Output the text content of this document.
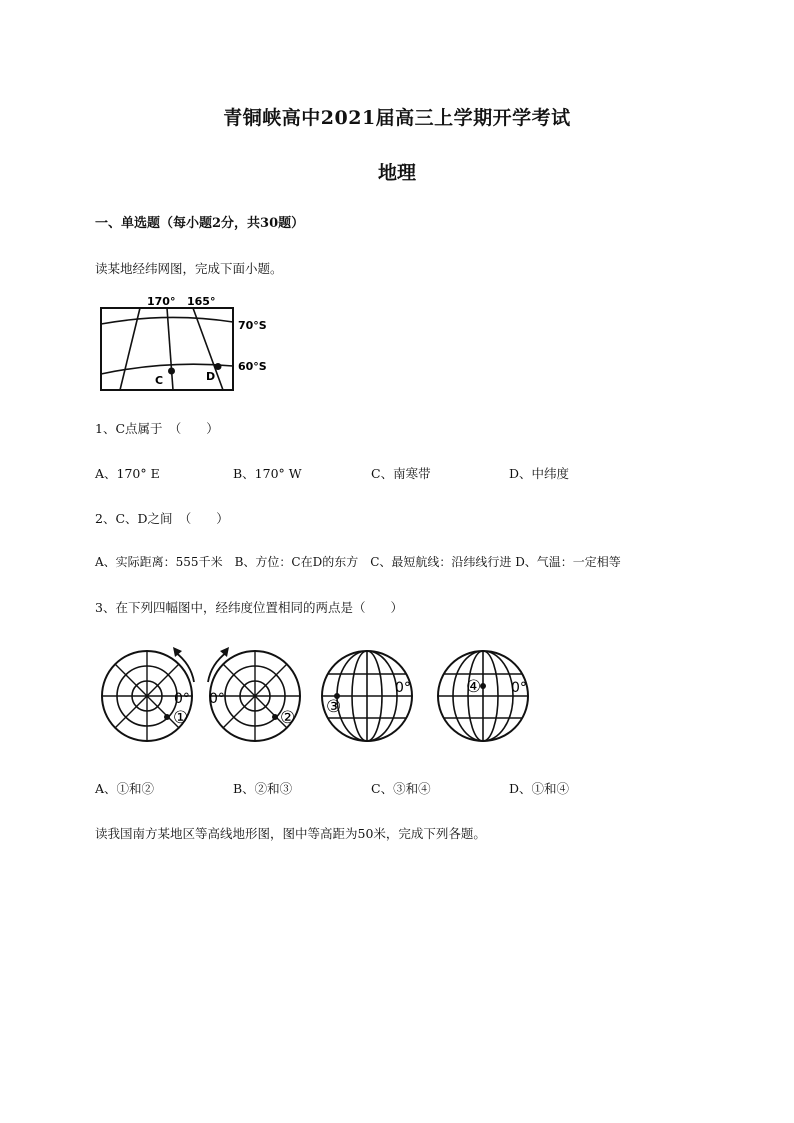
青铜峡高中2021届高三上学期开学考试
地理
一、单选题（每小题2分，共30题）
读某地经纬网图，完成下面小题。
170° 165°
70°S
60°S
C	D
1、C点属于　（　　）
A、170° E	B、170° W	C、南寒带	D、中纬度
2、C、D之间　（　　）
A、实际距离：555千米　B、方位：C在D的东方　C、最短航线：沿纬线行进 D、气温：一定相等
3、在下列四幅图中，经纬度位置相同的两点是（　　）
0°
①
0°
②
0°
③
0°
④
A、①和②	B、②和③	C、③和④	D、①和④
读我国南方某地区等高线地形图，图中等高距为50米，完成下列各题。
